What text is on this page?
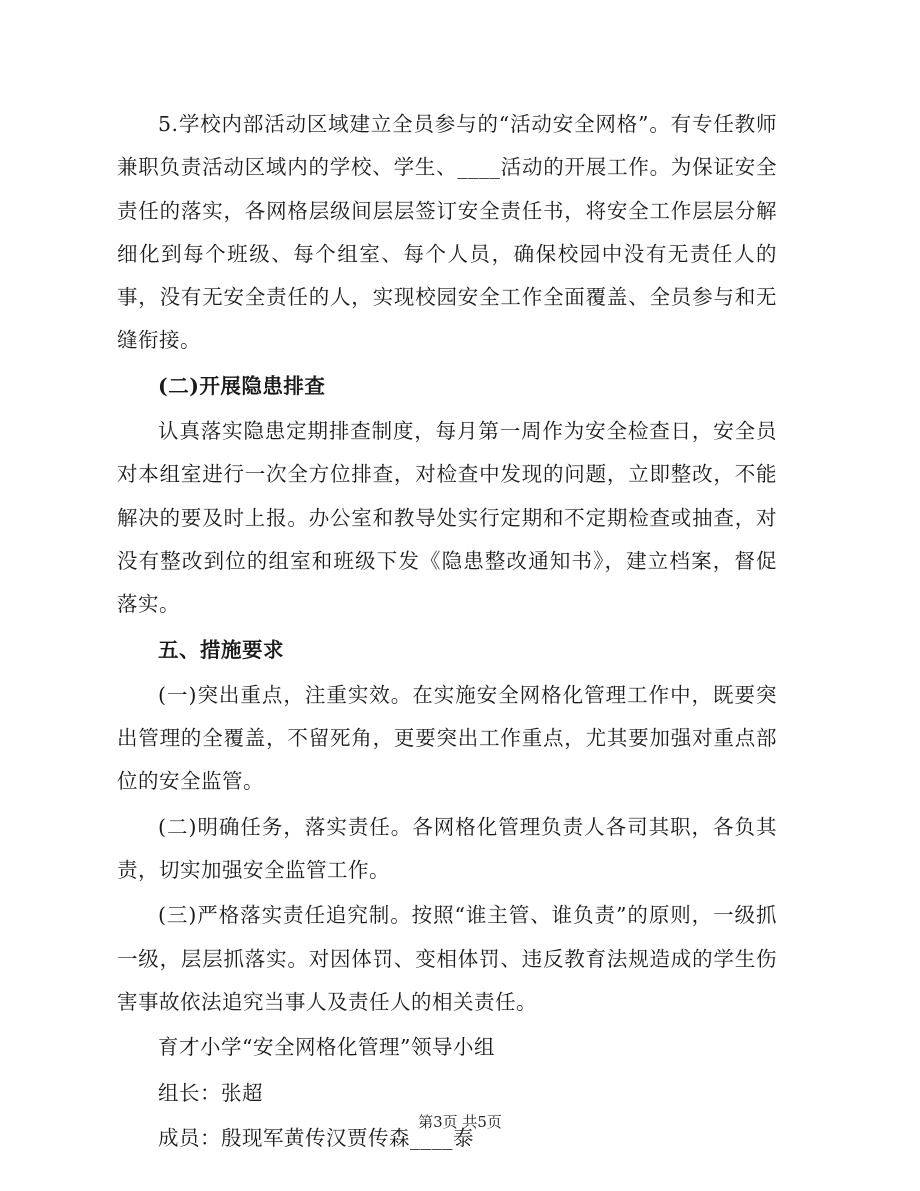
5.学校内部活动区域建立全员参与的“活动安全网格”。有专任教师兼职负责活动区域内的学校、学生、____活动的开展工作。为保证安全责任的落实，各网格层级间层层签订安全责任书，将安全工作层层分解细化到每个班级、每个组室、每个人员，确保校园中没有无责任人的事，没有无安全责任的人，实现校园安全工作全面覆盖、全员参与和无缝衔接。

(二)开展隐患排查

认真落实隐患定期排查制度，每月第一周作为安全检查日，安全员对本组室进行一次全方位排查，对检查中发现的问题，立即整改，不能解决的要及时上报。办公室和教导处实行定期和不定期检查或抽查，对没有整改到位的组室和班级下发《隐患整改通知书》，建立档案，督促落实。

五、措施要求

(一)突出重点，注重实效。在实施安全网格化管理工作中，既要突出管理的全覆盖，不留死角，更要突出工作重点，尤其要加强对重点部位的安全监管。

(二)明确任务，落实责任。各网格化管理负责人各司其职，各负其责，切实加强安全监管工作。

(三)严格落实责任追究制。按照“谁主管、谁负责”的原则，一级抓一级，层层抓落实。对因体罚、变相体罚、违反教育法规造成的学生伤害事故依法追究当事人及责任人的相关责任。

育才小学“安全网格化管理”领导小组

组长：张超

成员：殷现军黄传汉贾传森____泰

第3页 共5页
